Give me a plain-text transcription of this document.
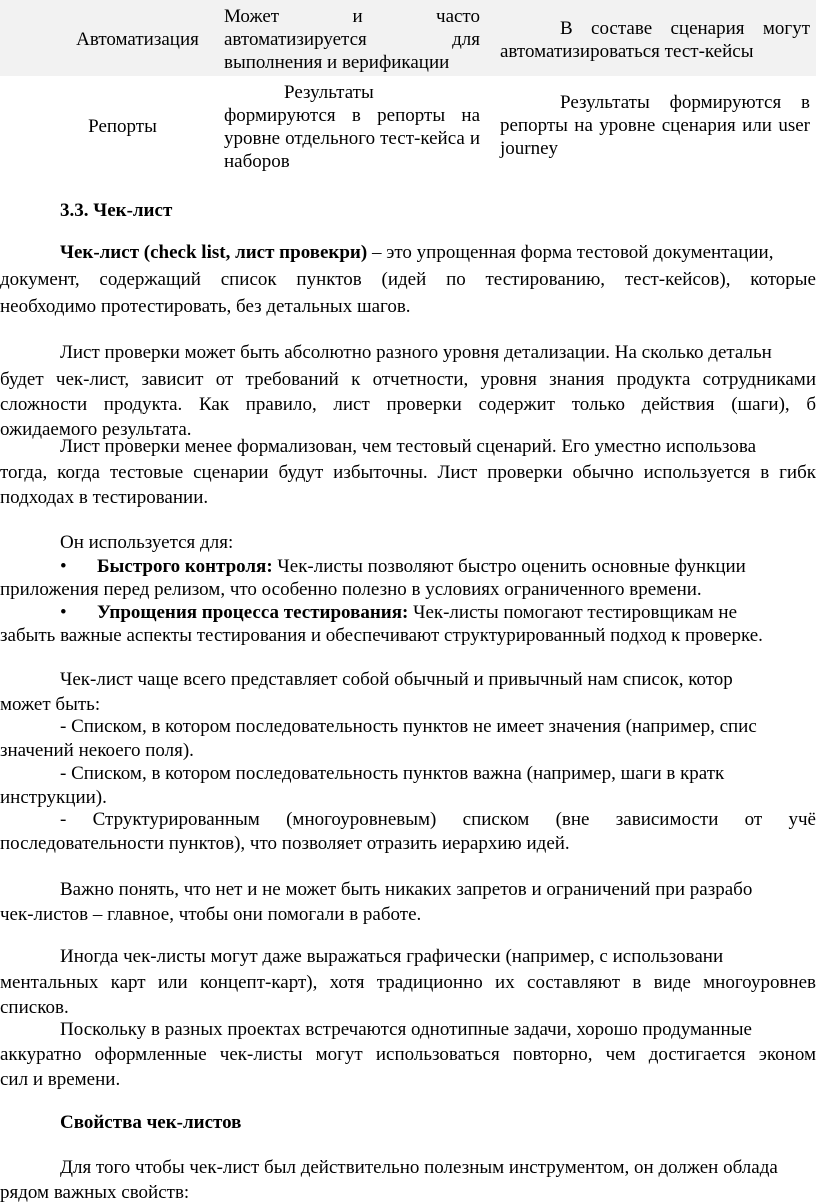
Автоматизация
Может и часто автоматизируется для выполнения и верификации
В составе сценария могут автоматизироваться тест-кейсы
Репорты
Результаты формируются в репорты на уровне отдельного тест-кейса и наборов
Результаты формируются в репорты на уровне сценария или user journey
3.3. Чек-лист
Чек-лист (check list, лист провекри) – это упрощенная форма тестовой документации,
документ, содержащий список пунктов (идей по тестированию, тест-кейсов), которые
необходимо протестировать, без детальных шагов.
Лист проверки может быть абсолютно разного уровня детализации. На сколько детальн
будет чек-лист, зависит от требований к отчетности, уровня знания продукта сотрудниками
сложности продукта. Как правило, лист проверки содержит только действия (шаги), б
ожидаемого результата.
Лист проверки менее формализован, чем тестовый сценарий. Его уместно использова
тогда, когда тестовые сценарии будут избыточны. Лист проверки обычно используется в гибк
подходах в тестировании.
Он используется для:
• Быстрого контроля: Чек-листы позволяют быстро оценить основные функции
приложения перед релизом, что особенно полезно в условиях ограниченного времени.
• Упрощения процесса тестирования: Чек-листы помогают тестировщикам не
забыть важные аспекты тестирования и обеспечивают структурированный подход к проверке.
Чек-лист чаще всего представляет собой обычный и привычный нам список, котор
может быть:
- Списком, в котором последовательность пунктов не имеет значения (например, спис
значений некоего поля).
- Списком, в котором последовательность пунктов важна (например, шаги в кратк
инструкции).
- Структурированным (многоуровневым) списком (вне зависимости от учё
последовательности пунктов), что позволяет отразить иерархию идей.
Важно понять, что нет и не может быть никаких запретов и ограничений при разрабо
чек-листов – главное, чтобы они помогали в работе.
Иногда чек-листы могут даже выражаться графически (например, с использовани
ментальных карт или концепт-карт), хотя традиционно их составляют в виде многоуровнев
списков.
Поскольку в разных проектах встречаются однотипные задачи, хорошо продуманные
аккуратно оформленные чек-листы могут использоваться повторно, чем достигается эконом
сил и времени.
Свойства чек-листов
Для того чтобы чек-лист был действительно полезным инструментом, он должен облада
рядом важных свойств:
